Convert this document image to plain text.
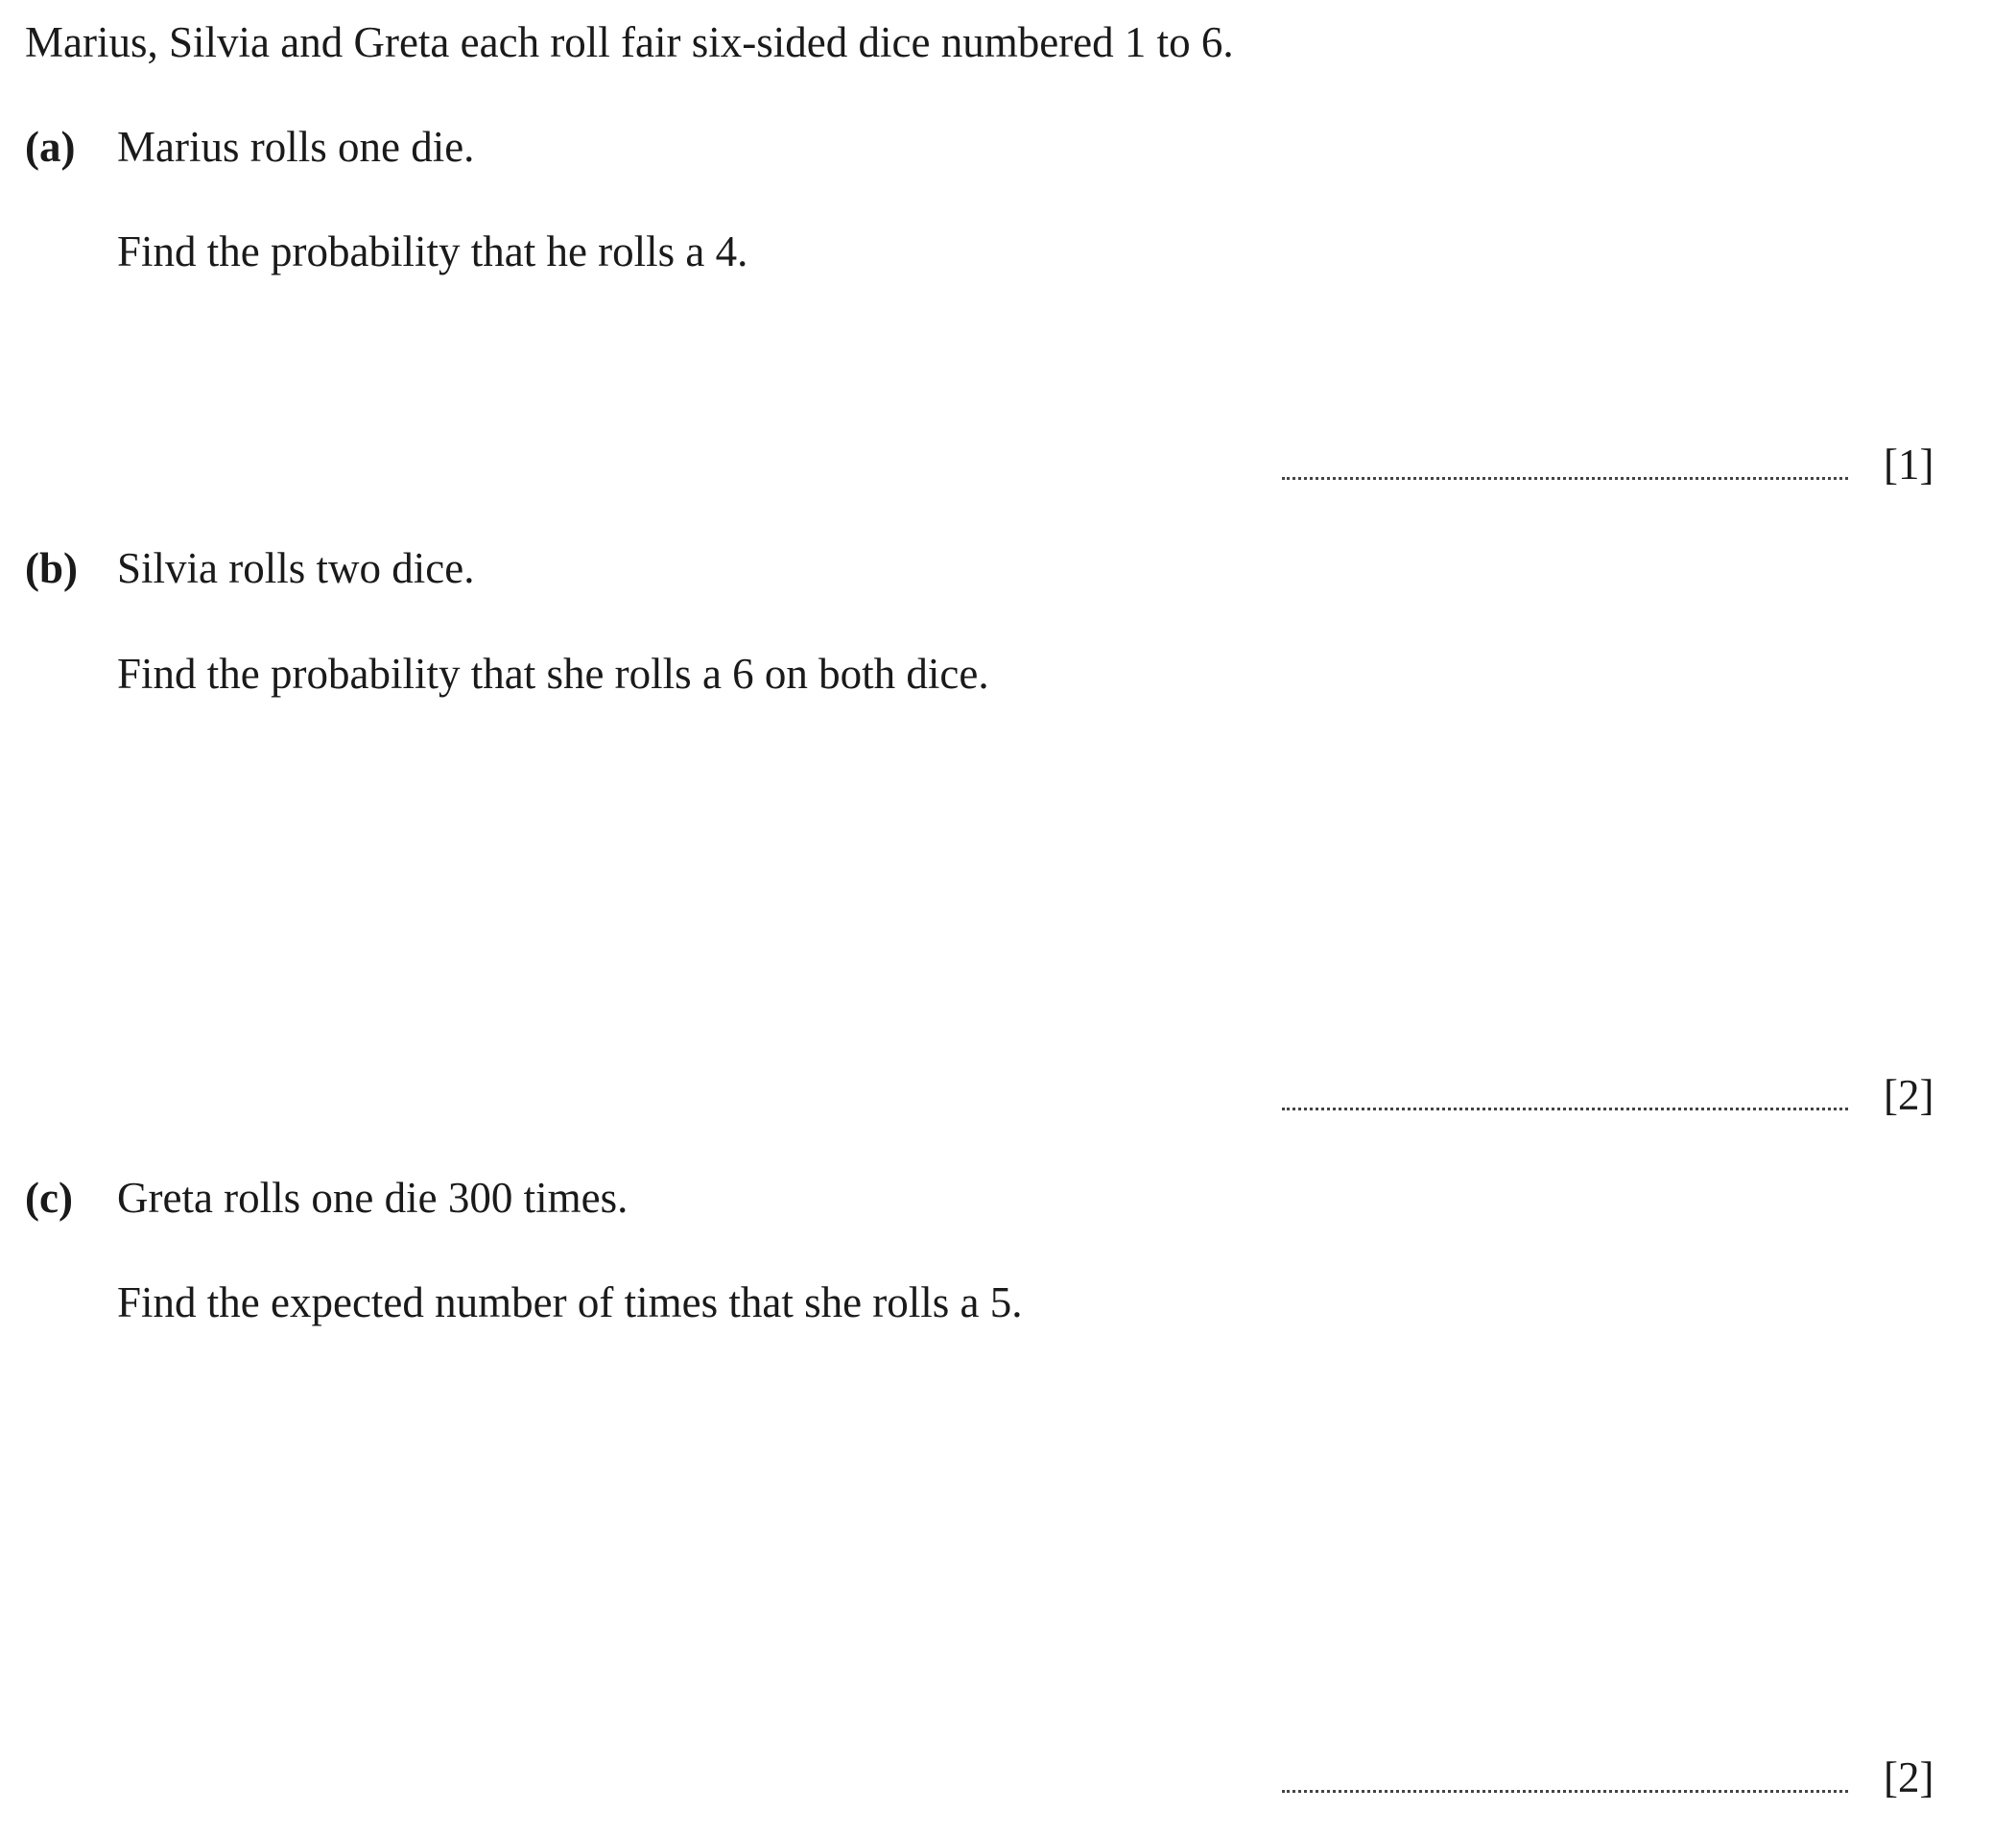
Marius, Silvia and Greta each roll fair six-sided dice numbered 1 to 6.
(a) Marius rolls one die.
Find the probability that he rolls a 4.
[1]
(b) Silvia rolls two dice.
Find the probability that she rolls a 6 on both dice.
[2]
(c) Greta rolls one die 300 times.
Find the expected number of times that she rolls a 5.
[2]
